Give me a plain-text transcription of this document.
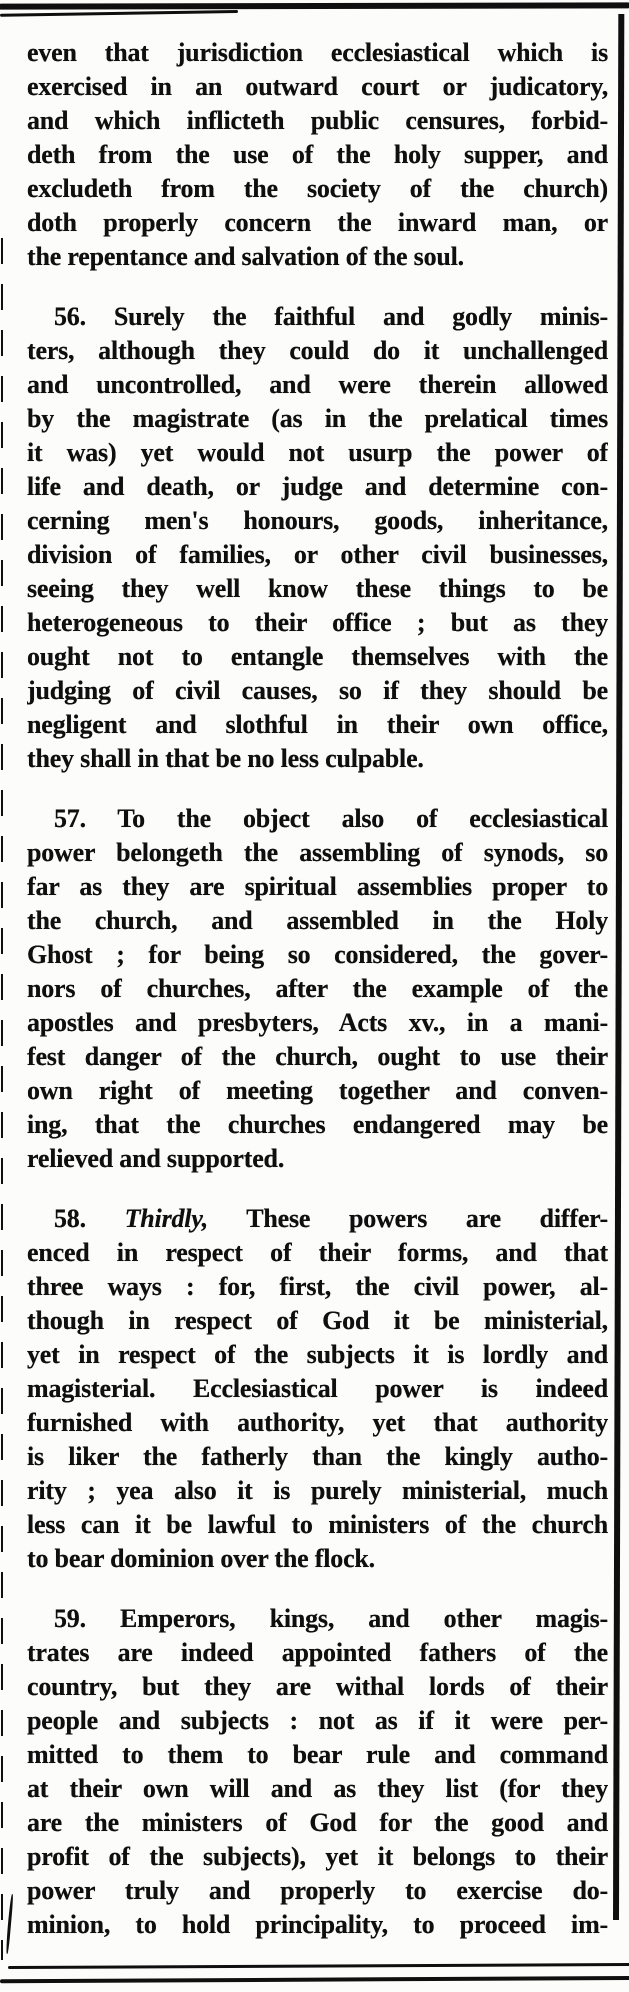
even that jurisdiction ecclesiastical which is
exercised in an outward court or judicatory,
and which inflicteth public censures, forbid-
deth from the use of the holy supper, and
excludeth from the society of the church)
doth properly concern the inward man, or
the repentance and salvation of the soul.
56. Surely the faithful and godly minis-
ters, although they could do it unchallenged
and uncontrolled, and were therein allowed
by the magistrate (as in the prelatical times
it was) yet would not usurp the power of
life and death, or judge and determine con-
cerning men's honours, goods, inheritance,
division of families, or other civil businesses,
seeing they well know these things to be
heterogeneous to their office ; but as they
ought not to entangle themselves with the
judging of civil causes, so if they should be
negligent and slothful in their own office,
they shall in that be no less culpable.
57. To the object also of ecclesiastical
power belongeth the assembling of synods, so
far as they are spiritual assemblies proper to
the church, and assembled in the Holy
Ghost ; for being so considered, the gover-
nors of churches, after the example of the
apostles and presbyters, Acts xv., in a mani-
fest danger of the church, ought to use their
own right of meeting together and conven-
ing, that the churches endangered may be
relieved and supported.
58. Thirdly, These powers are differ-
enced in respect of their forms, and that
three ways : for, first, the civil power, al-
though in respect of God it be ministerial,
yet in respect of the subjects it is lordly and
magisterial. Ecclesiastical power is indeed
furnished with authority, yet that authority
is liker the fatherly than the kingly autho-
rity ; yea also it is purely ministerial, much
less can it be lawful to ministers of the church
to bear dominion over the flock.
59. Emperors, kings, and other magis-
trates are indeed appointed fathers of the
country, but they are withal lords of their
people and subjects : not as if it were per-
mitted to them to bear rule and command
at their own will and as they list (for they
are the ministers of God for the good and
profit of the subjects), yet it belongs to their
power truly and properly to exercise do-
minion, to hold principality, to proceed im-
